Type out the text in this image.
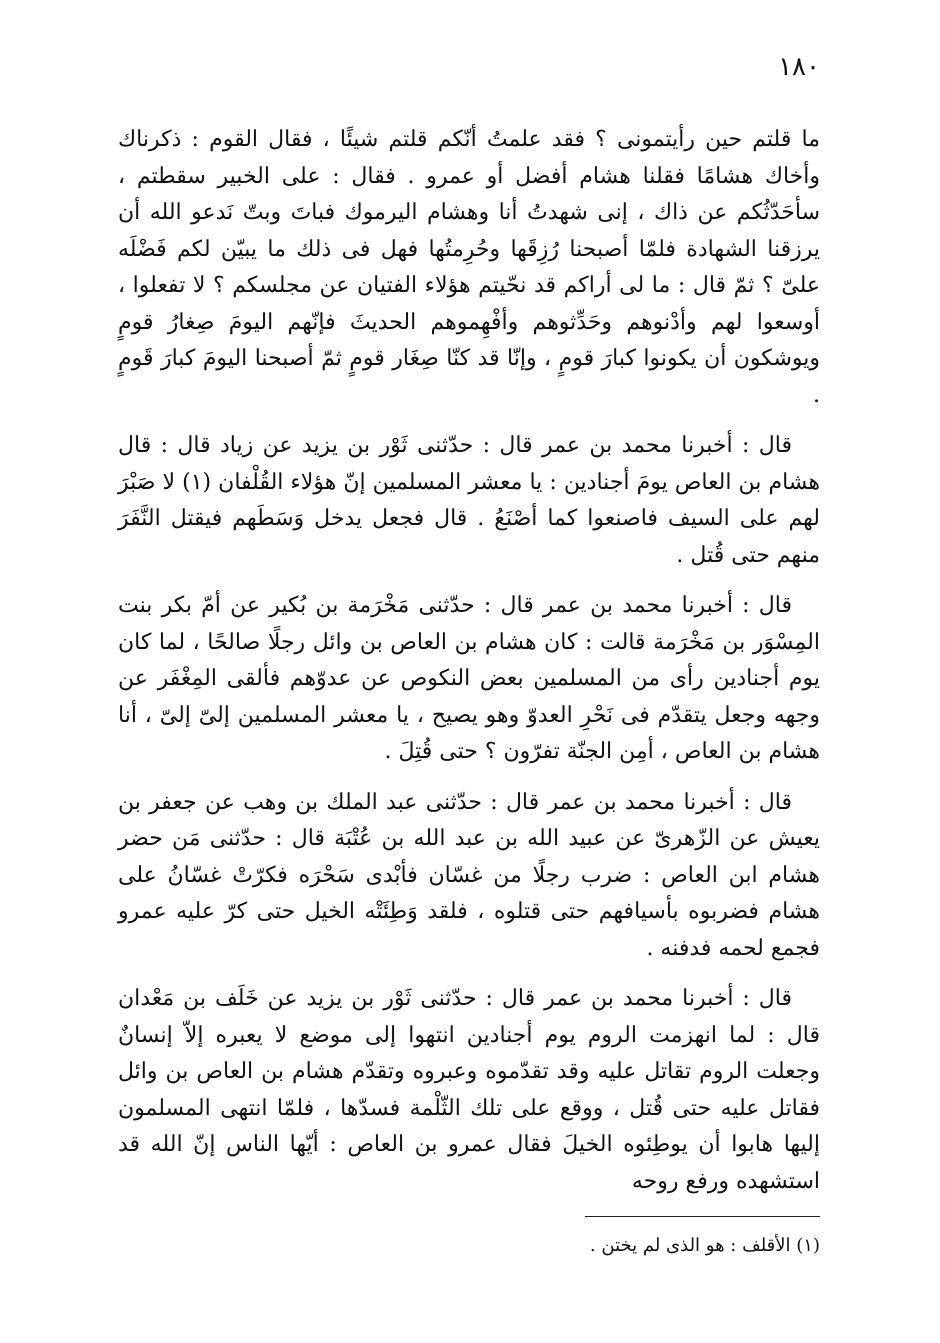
١٨٠

ما قلتم حين رأيتمونى ؟ فقد علمتُ أنّكم قلتم شيئًا ، فقال القوم : ذكرناك وأخاك هشامًا فقلنا هشام أفضل أو عمرو . فقال : على الخبير سقطتم ، سأحَدّثُكم عن ذاك ، إنى شهدتُ أنا وهشام اليرموك فباتَ وبتّ نَدعو الله أن يرزقنا الشهادة فلمّا أصبحنا رُزِقَها وحُرِمتُها فهل فى ذلك ما يبيّن لكم فَضْلَه علىّ ؟ ثمّ قال : ما لى أراكم قد نحّيتم هؤلاء الفتيان عن مجلسكم ؟ لا تفعلوا ، أوسعوا لهم وأدْنوهم وحَدِّثوهم وأفْهِموهم الحديثَ فإنّهم اليومَ صِغارُ قومٍ ويوشكون أن يكونوا كبارَ قومٍ ، وإنّا قد كنّا صِغَار قومٍ ثمّ أصبحنا اليومَ كبارَ قَومٍ .

قال : أخبرنا محمد بن عمر قال : حدّثنى ثَوْر بن يزيد عن زياد قال : قال هشام بن العاص يومَ أجنادين : يا معشر المسلمين إنّ هؤلاء القُلْفان (١) لا صَبْرَ لهم على السيف فاصنعوا كما أصْنَعُ . قال فجعل يدخل وَسَطَهم فيقتل النَّفَرَ منهم حتى قُتل .

قال : أخبرنا محمد بن عمر قال : حدّثنى مَخْرَمة بن بُكير عن أمّ بكر بنت المِسْوَر بن مَخْرَمة قالت : كان هشام بن العاص بن وائل رجلًا صالحًا ، لما كان يوم أجنادين رأى من المسلمين بعض النكوص عن عدوّهم فألقى المِغْفَر عن وجهه وجعل يتقدّم فى نَحْرِ العدوّ وهو يصيح ، يا معشر المسلمين إلىّ إلىّ ، أنا هشام بن العاص ، أمِن الجنّة تفرّون ؟ حتى قُتِلَ .

قال : أخبرنا محمد بن عمر قال : حدّثنى عبد الملك بن وهب عن جعفر بن يعيش عن الزّهرىّ عن عبيد الله بن عبد الله بن عُتْبَة قال : حدّثنى مَن حضر هشام ابن العاص : ضرب رجلًا من غسّان فأبْدى سَحْرَه فكرّتْ غسّانُ على هشام فضربوه بأسيافهم حتى قتلوه ، فلقد وَطِئَتْه الخيل حتى كرّ عليه عمرو فجمع لحمه فدفنه .

قال : أخبرنا محمد بن عمر قال : حدّثنى ثَوْر بن يزيد عن خَلَف بن مَعْدان قال : لما انهزمت الروم يوم أجنادين انتهوا إلى موضع لا يعبره إلاّ إنسانٌ وجعلت الروم تقاتل عليه وقد تقدّموه وعبروه وتقدّم هشام بن العاص بن وائل فقاتل عليه حتى قُتل ، ووقع على تلك الثّلْمة فسدّها ، فلمّا انتهى المسلمون إليها هابوا أن يوطِئوه الخيلَ فقال عمرو بن العاص : أيّها الناس إنّ الله قد استشهده ورفع روحه

(١) الأقلف : هو الذى لم يختن .
